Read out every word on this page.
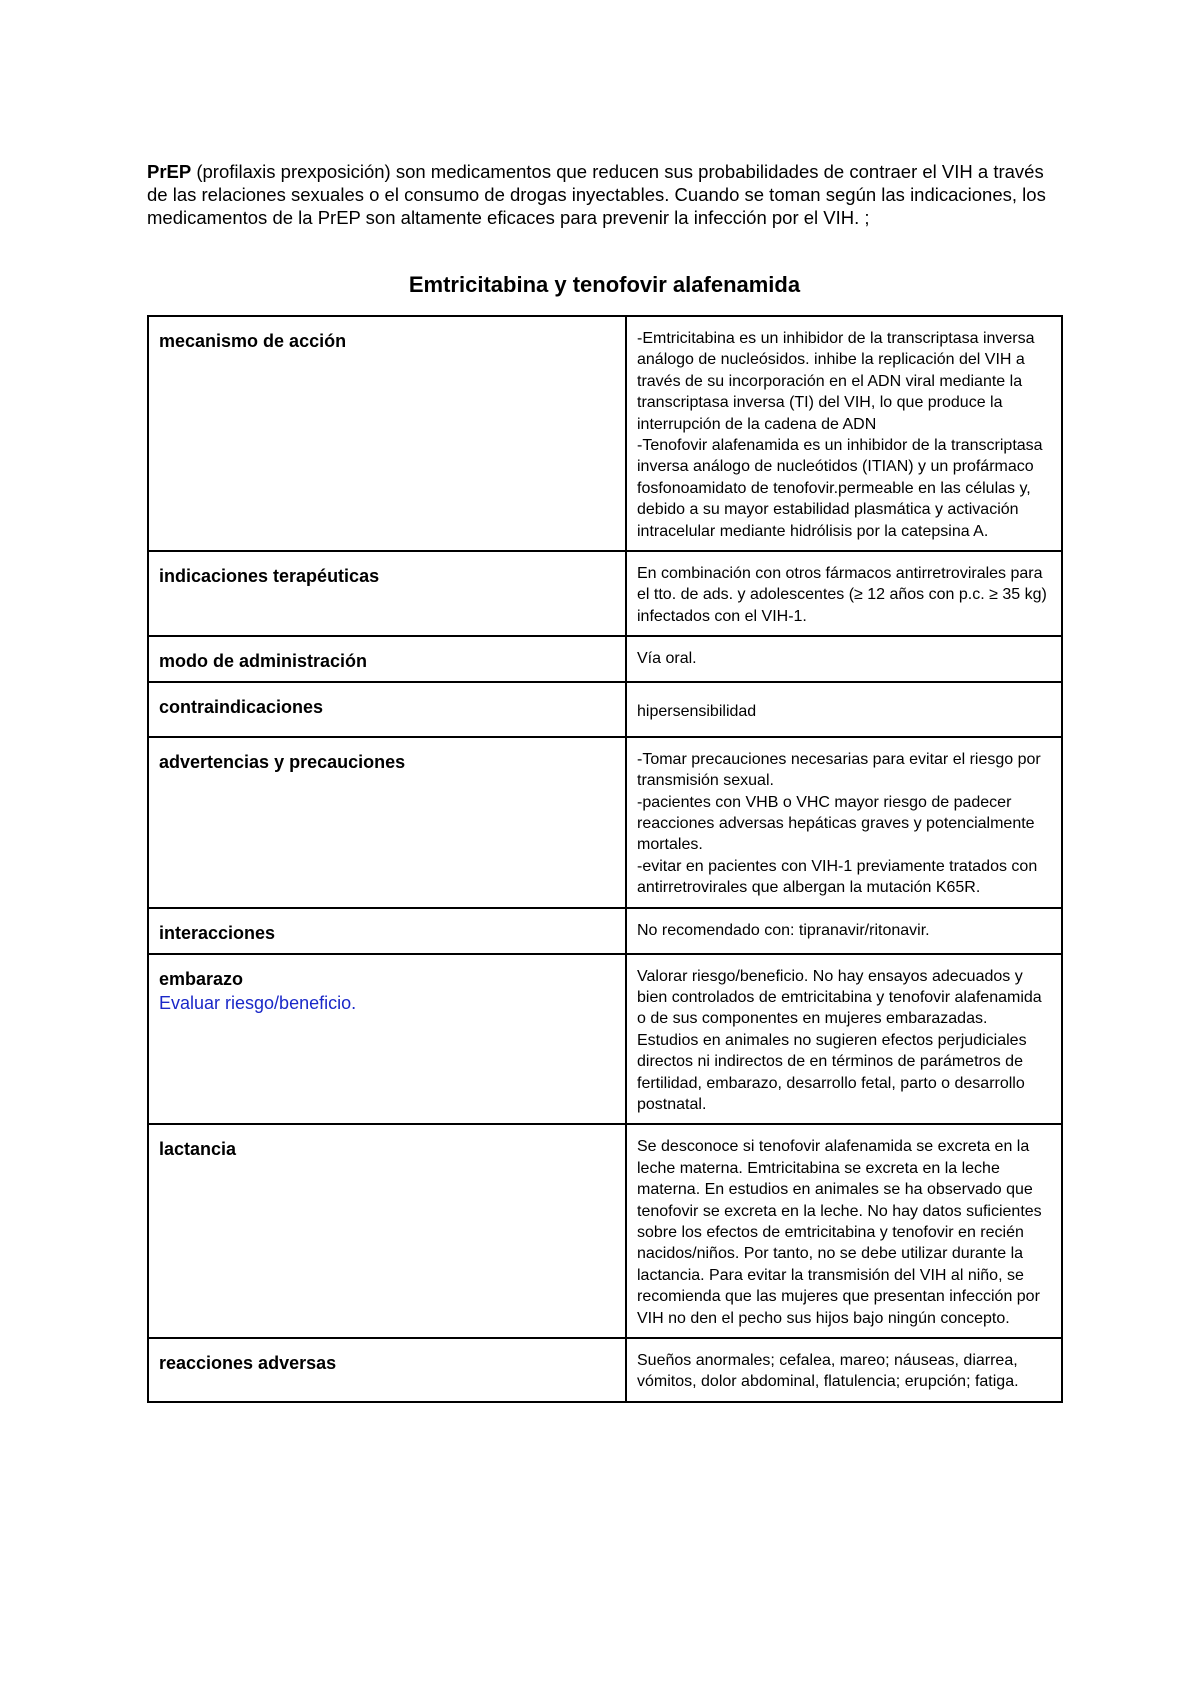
PrEP (profilaxis prexposición) son medicamentos que reducen sus probabilidades de contraer el VIH a través de las relaciones sexuales o el consumo de drogas inyectables. Cuando se toman según las indicaciones, los medicamentos de la PrEP son altamente eficaces para prevenir la infección por el VIH. ;
Emtricitabina y tenofovir alafenamida
mecanismo de acción	-Emtricitabina es un inhibidor de la transcriptasa inversa análogo de nucleósidos. inhibe la replicación del VIH a través de su incorporación en el ADN viral mediante la transcriptasa inversa (TI) del VIH, lo que produce la interrupción de la cadena de ADN
-Tenofovir alafenamida es un inhibidor de la transcriptasa inversa análogo de nucleótidos (ITIAN) y un profármaco fosfonoamidato de tenofovir.permeable en las células y, debido a su mayor estabilidad plasmática y activación intracelular mediante hidrólisis por la catepsina A.

indicaciones terapéuticas	En combinación con otros fármacos antirretrovirales para el tto. de ads. y adolescentes (≥ 12 años con p.c. ≥ 35 kg) infectados con el VIH-1.

modo de administración	Vía oral.

contraindicaciones	hipersensibilidad

advertencias y precauciones	-Tomar precauciones necesarias para evitar el riesgo por transmisión sexual.
-pacientes con VHB o VHC mayor riesgo de padecer reacciones adversas hepáticas graves y potencialmente mortales.
-evitar en pacientes con VIH-1 previamente tratados con antirretrovirales que albergan la mutación K65R.

interacciones	No recomendado con: tipranavir/ritonavir.

embarazo
Evaluar riesgo/beneficio.	Valorar riesgo/beneficio. No hay ensayos adecuados y bien controlados de emtricitabina y tenofovir alafenamida o de sus componentes en mujeres embarazadas. Estudios en animales no sugieren efectos perjudiciales directos ni indirectos de en términos de parámetros de fertilidad, embarazo, desarrollo fetal, parto o desarrollo postnatal.

lactancia	Se desconoce si tenofovir alafenamida se excreta en la leche materna. Emtricitabina se excreta en la leche materna. En estudios en animales se ha observado que tenofovir se excreta en la leche. No hay datos suficientes sobre los efectos de emtricitabina y tenofovir en recién nacidos/niños. Por tanto, no se debe utilizar durante la lactancia. Para evitar la transmisión del VIH al niño, se recomienda que las mujeres que presentan infección por VIH no den el pecho sus hijos bajo ningún concepto.

reacciones adversas	Sueños anormales; cefalea, mareo; náuseas, diarrea, vómitos, dolor abdominal, flatulencia; erupción; fatiga.
